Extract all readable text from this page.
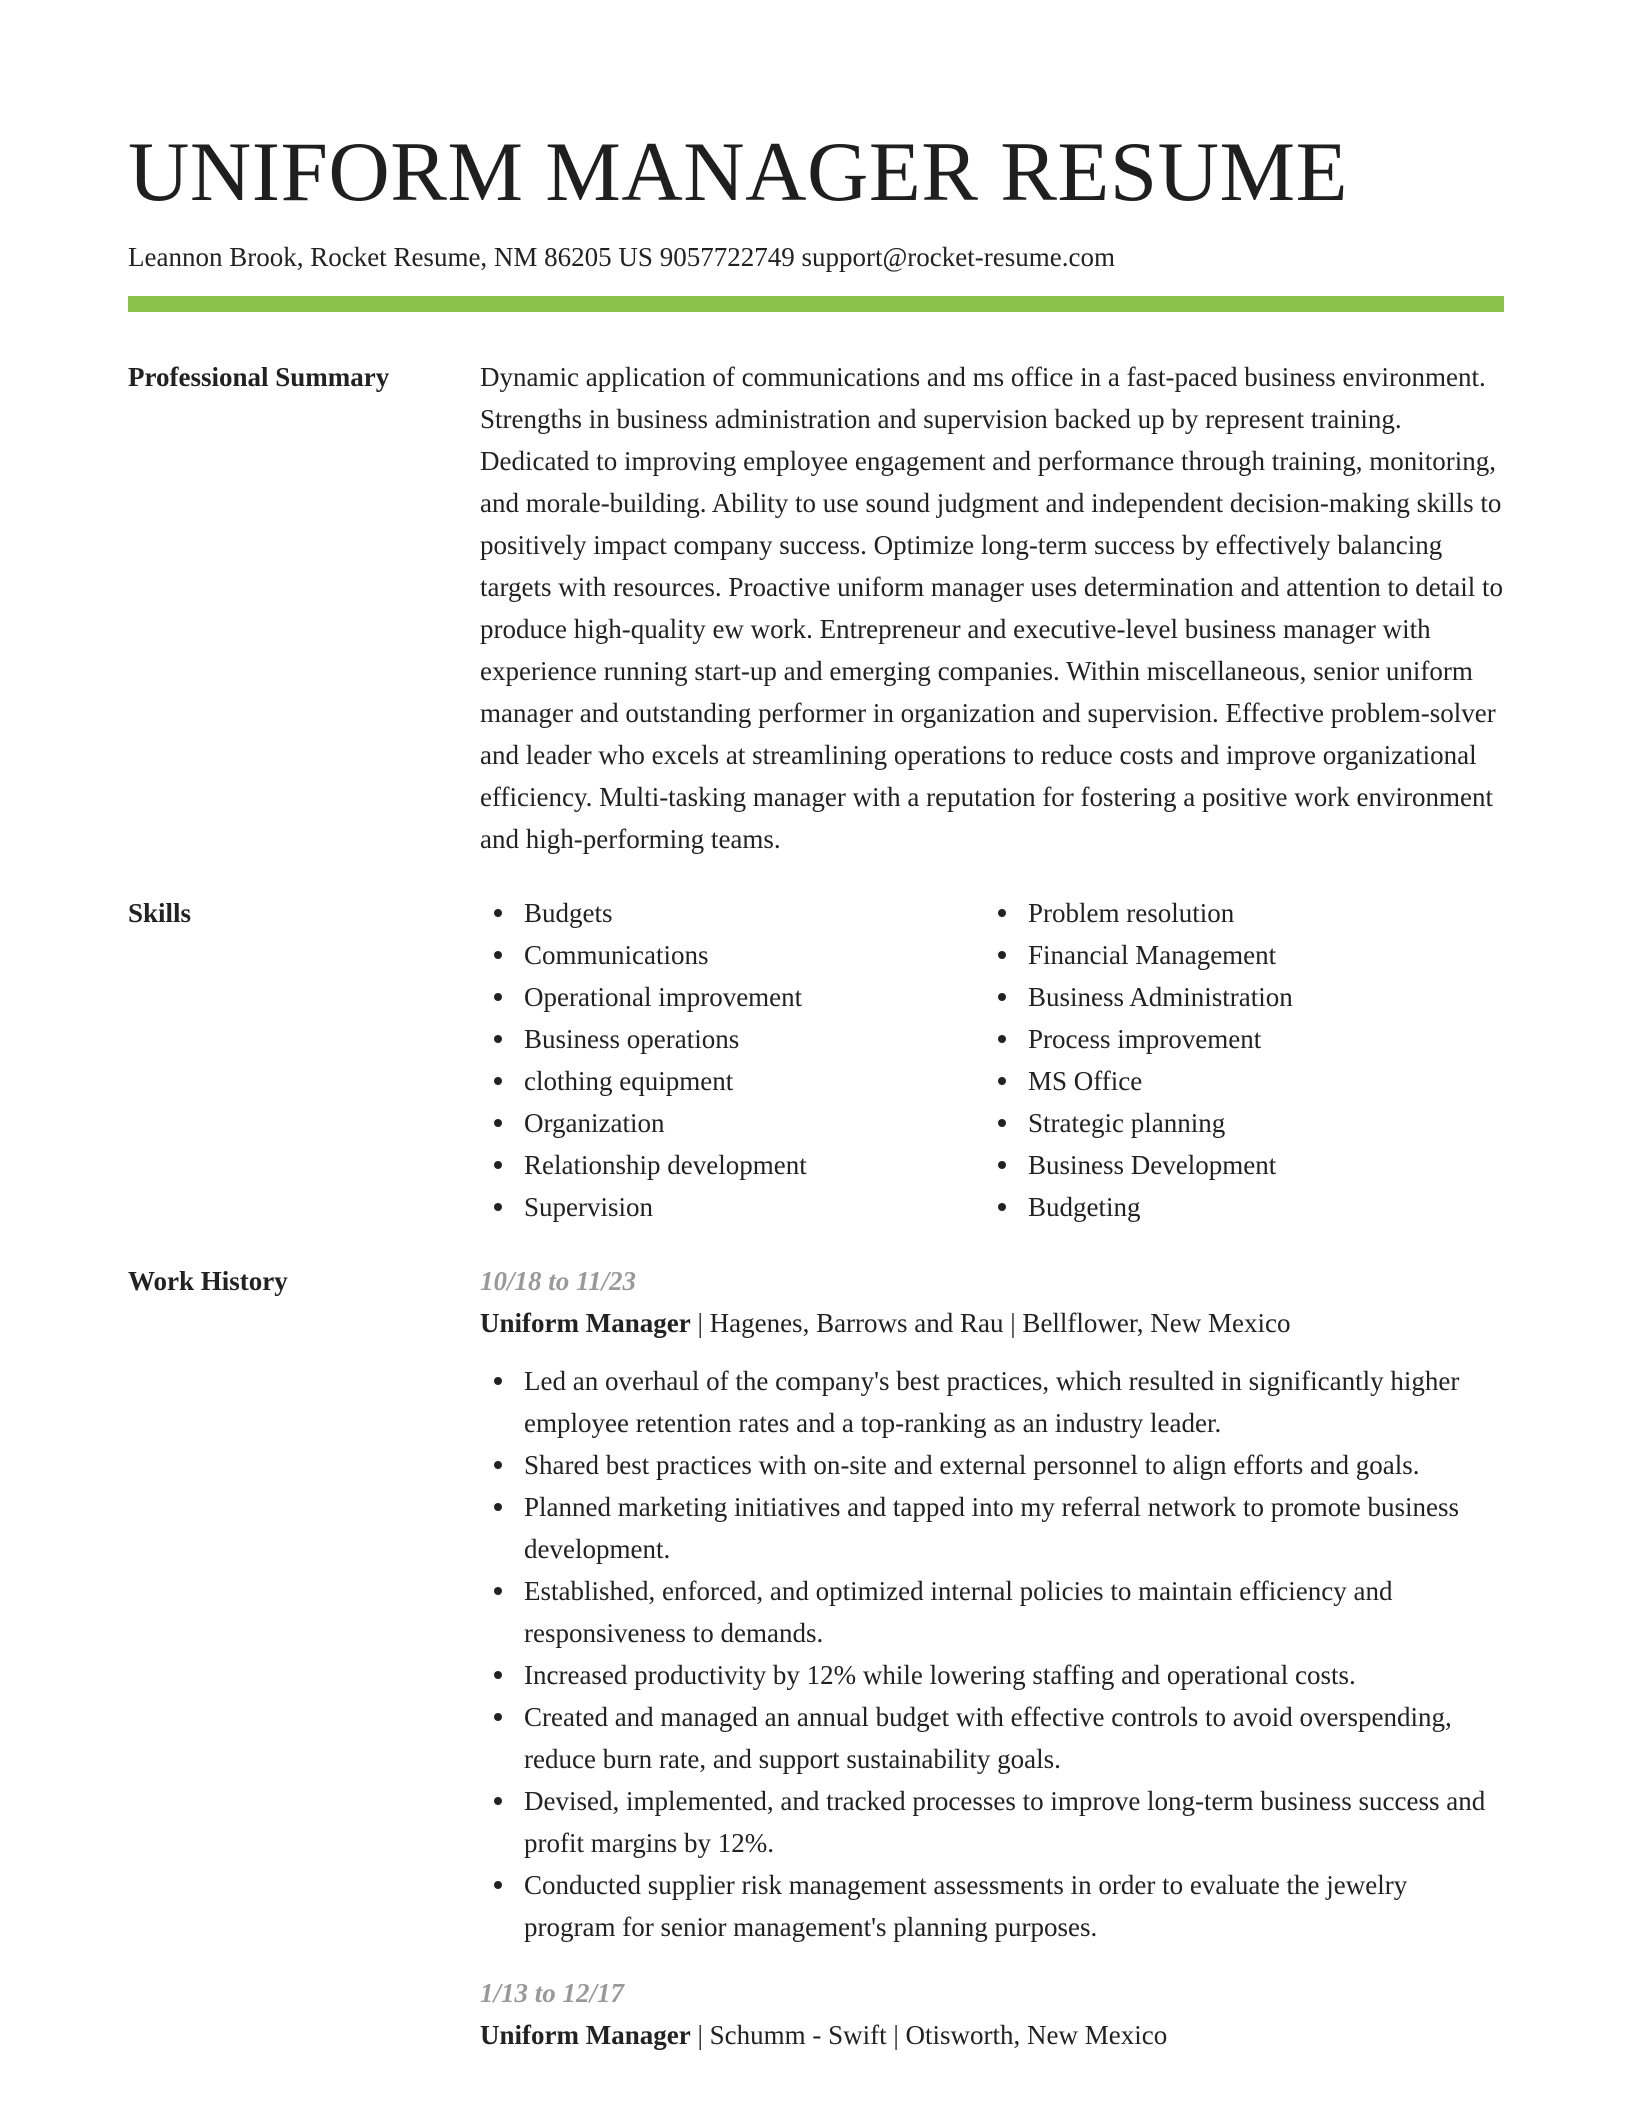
UNIFORM MANAGER RESUME
Leannon Brook, Rocket Resume, NM 86205 US 9057722749 support@rocket-resume.com
Professional Summary	Dynamic application of communications and ms office in a fast-paced business environment. Strengths in business administration and supervision backed up by represent training. Dedicated to improving employee engagement and performance through training, monitoring, and morale-building. Ability to use sound judgment and independent decision-making skills to positively impact company success. Optimize long-term success by effectively balancing targets with resources. Proactive uniform manager uses determination and attention to detail to produce high-quality ew work. Entrepreneur and executive-level business manager with experience running start-up and emerging companies. Within miscellaneous, senior uniform manager and outstanding performer in organization and supervision. Effective problem-solver and leader who excels at streamlining operations to reduce costs and improve organizational efficiency. Multi-tasking manager with a reputation for fostering a positive work environment and high-performing teams.
Skills	Budgets
Communications
Operational improvement
Business operations
clothing equipment
Organization
Relationship development
Supervision
Problem resolution
Financial Management
Business Administration
Process improvement
MS Office
Strategic planning
Business Development
Budgeting
Work History	10/18 to 11/23
Uniform Manager | Hagenes, Barrows and Rau | Bellflower, New Mexico
Led an overhaul of the company's best practices, which resulted in significantly higher employee retention rates and a top-ranking as an industry leader.
Shared best practices with on-site and external personnel to align efforts and goals.
Planned marketing initiatives and tapped into my referral network to promote business development.
Established, enforced, and optimized internal policies to maintain efficiency and responsiveness to demands.
Increased productivity by 12% while lowering staffing and operational costs.
Created and managed an annual budget with effective controls to avoid overspending, reduce burn rate, and support sustainability goals.
Devised, implemented, and tracked processes to improve long-term business success and profit margins by 12%.
Conducted supplier risk management assessments in order to evaluate the jewelry program for senior management's planning purposes.
1/13 to 12/17
Uniform Manager | Schumm - Swift | Otisworth, New Mexico
